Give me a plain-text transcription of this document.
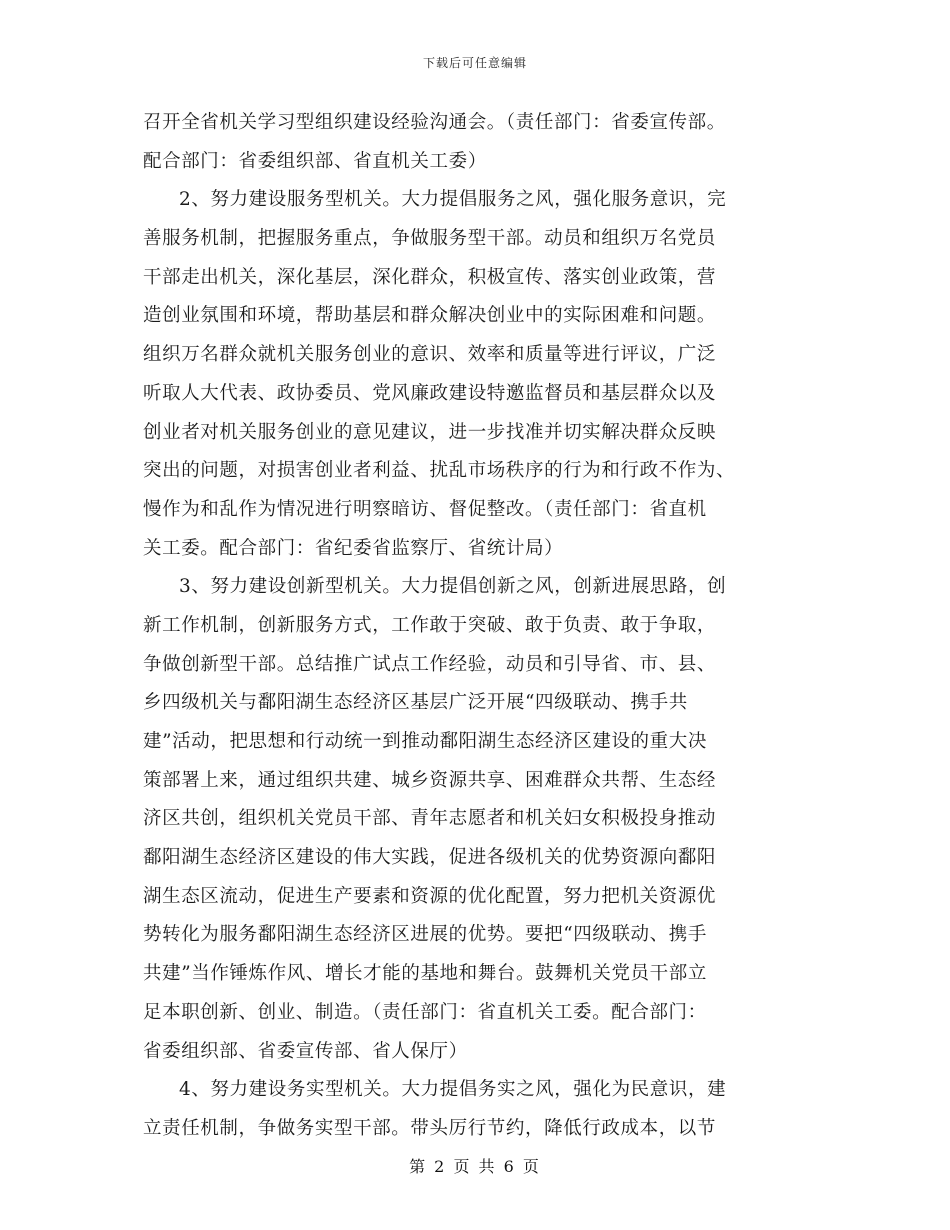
下载后可任意编辑
召开全省机关学习型组织建设经验沟通会。（责任部门：省委宣传部。
配合部门：省委组织部、省直机关工委）
2、努力建设服务型机关。大力提倡服务之风，强化服务意识，完
善服务机制，把握服务重点，争做服务型干部。动员和组织万名党员
干部走出机关，深化基层，深化群众，积极宣传、落实创业政策，营
造创业氛围和环境，帮助基层和群众解决创业中的实际困难和问题。
组织万名群众就机关服务创业的意识、效率和质量等进行评议，广泛
听取人大代表、政协委员、党风廉政建设特邀监督员和基层群众以及
创业者对机关服务创业的意见建议，进一步找准并切实解决群众反映
突出的问题，对损害创业者利益、扰乱市场秩序的行为和行政不作为、
慢作为和乱作为情况进行明察暗访、督促整改。（责任部门：省直机
关工委。配合部门：省纪委省监察厅、省统计局）
3、努力建设创新型机关。大力提倡创新之风，创新进展思路，创
新工作机制，创新服务方式，工作敢于突破、敢于负责、敢于争取，
争做创新型干部。总结推广试点工作经验，动员和引导省、市、县、
乡四级机关与鄱阳湖生态经济区基层广泛开展“四级联动、携手共
建”活动，把思想和行动统一到推动鄱阳湖生态经济区建设的重大决
策部署上来，通过组织共建、城乡资源共享、困难群众共帮、生态经
济区共创，组织机关党员干部、青年志愿者和机关妇女积极投身推动
鄱阳湖生态经济区建设的伟大实践，促进各级机关的优势资源向鄱阳
湖生态区流动，促进生产要素和资源的优化配置，努力把机关资源优
势转化为服务鄱阳湖生态经济区进展的优势。要把“四级联动、携手
共建”当作锤炼作风、增长才能的基地和舞台。鼓舞机关党员干部立
足本职创新、创业、制造。（责任部门：省直机关工委。配合部门：
省委组织部、省委宣传部、省人保厅）
4、努力建设务实型机关。大力提倡务实之风，强化为民意识，建
立责任机制，争做务实型干部。带头厉行节约，降低行政成本，以节
第 2 页 共 6 页
